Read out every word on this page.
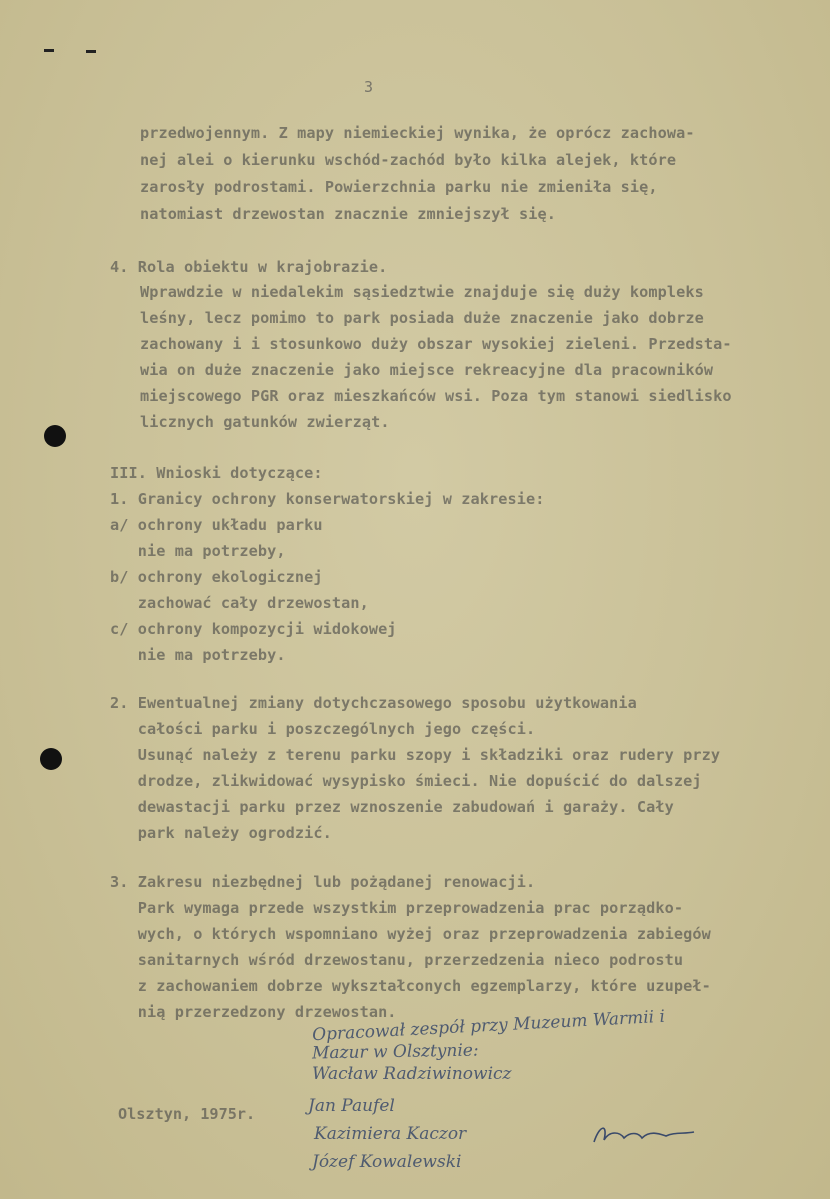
3
przedwojennym. Z mapy niemieckiej wynika, że oprócz zachowa-
nej alei o kierunku wschód-zachód było kilka alejek, które
zarosły podrostami. Powierzchnia parku nie zmieniła się,
natomiast drzewostan znacznie zmniejszył się.
4. Rola obiektu w krajobrazie.
Wprawdzie w niedalekim sąsiedztwie znajduje się duży kompleks
leśny, lecz pomimo to park posiada duże znaczenie jako dobrze
zachowany i i stosunkowo duży obszar wysokiej zieleni. Przedsta-
wia on duże znaczenie jako miejsce rekreacyjne dla pracowników
miejscowego PGR oraz mieszkańców wsi. Poza tym stanowi siedlisko
licznych gatunków zwierząt.
III. Wnioski dotyczące:
1. Granicy ochrony konserwatorskiej w zakresie:
a/ ochrony układu parku
nie ma potrzeby,
b/ ochrony ekologicznej
zachować cały drzewostan,
c/ ochrony kompozycji widokowej
nie ma potrzeby.
2. Ewentualnej zmiany dotychczasowego sposobu użytkowania
całości parku i poszczególnych jego części.
Usunąć należy z terenu parku szopy i składziki oraz rudery przy
drodze, zlikwidować wysypisko śmieci. Nie dopuścić do dalszej
dewastacji parku przez wznoszenie zabudowań i garaży. Cały
park należy ogrodzić.
3. Zakresu niezbędnej lub pożądanej renowacji.
Park wymaga przede wszystkim przeprowadzenia prac porządko-
wych, o których wspomniano wyżej oraz przeprowadzenia zabiegów
sanitarnych wśród drzewostanu, przerzedzenia nieco podrostu
z zachowaniem dobrze wykształconych egzemplarzy, które uzupeł-
nią przerzedzony drzewostan.
Opracował zespół przy Muzeum Warmii i
Mazur w Olsztynie:
Wacław Radziwinowicz
Olsztyn, 1975r.	Jan Paufel
Kazimiera Kaczor
Józef Kowalewski
